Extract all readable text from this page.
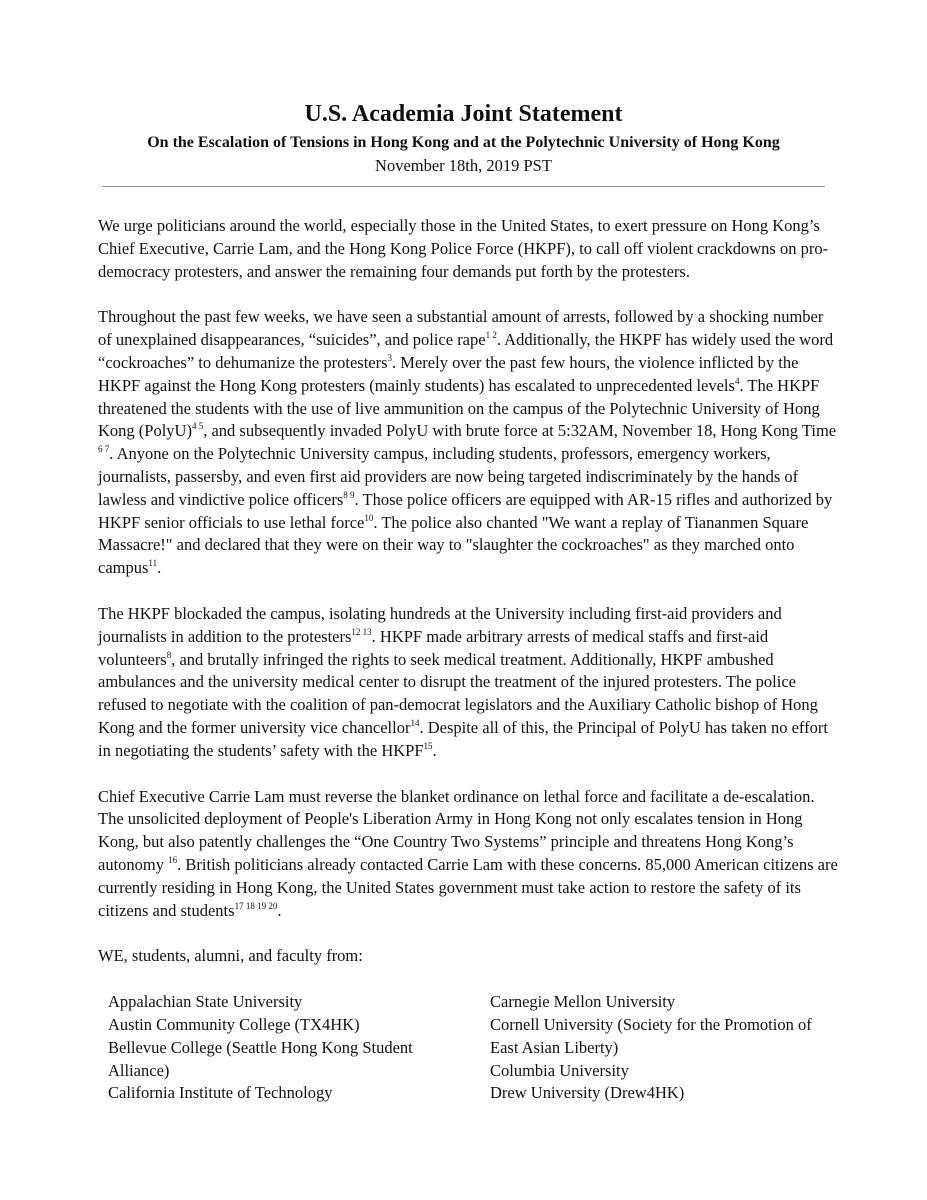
U.S. Academia Joint Statement
On the Escalation of Tensions in Hong Kong and at the Polytechnic University of Hong Kong
November 18th, 2019 PST

We urge politicians around the world, especially those in the United States, to exert pressure on Hong Kong’s Chief Executive, Carrie Lam, and the Hong Kong Police Force (HKPF), to call off violent crackdowns on pro-democracy protesters, and answer the remaining four demands put forth by the protesters.

Throughout the past few weeks, we have seen a substantial amount of arrests, followed by a shocking number of unexplained disappearances, “suicides”, and police rape$^{1 2}$. Additionally, the HKPF has widely used the word “cockroaches” to dehumanize the protesters$^3$. Merely over the past few hours, the violence inflicted by the HKPF against the Hong Kong protesters (mainly students) has escalated to unprecedented levels$^4$. The HKPF threatened the students with the use of live ammunition on the campus of the Polytechnic University of Hong Kong (PolyU)$^{4 5}$, and subsequently invaded PolyU with brute force at 5:32AM, November 18, Hong Kong Time $^{6 7}$. Anyone on the Polytechnic University campus, including students, professors, emergency workers, journalists, passersby, and even first aid providers are now being targeted indiscriminately by the hands of lawless and vindictive police officers$^{8 9}$. Those police officers are equipped with AR-15 rifles and authorized by HKPF senior officials to use lethal force$^{10}$. The police also chanted "We want a replay of Tiananmen Square Massacre!" and declared that they were on their way to "slaughter the cockroaches" as they marched onto campus$^{11}$.

The HKPF blockaded the campus, isolating hundreds at the University including first-aid providers and journalists in addition to the protesters$^{12 13}$. HKPF made arbitrary arrests of medical staffs and first-aid volunteers$^8$, and brutally infringed the rights to seek medical treatment. Additionally, HKPF ambushed ambulances and the university medical center to disrupt the treatment of the injured protesters. The police refused to negotiate with the coalition of pan-democrat legislators and the Auxiliary Catholic bishop of Hong Kong and the former university vice chancellor$^{14}$. Despite all of this, the Principal of PolyU has taken no effort in negotiating the students’ safety with the HKPF$^{15}$.

Chief Executive Carrie Lam must reverse the blanket ordinance on lethal force and facilitate a de-escalation. The unsolicited deployment of People's Liberation Army in Hong Kong not only escalates tension in Hong Kong, but also patently challenges the “One Country Two Systems” principle and threatens Hong Kong’s autonomy $^{16}$. British politicians already contacted Carrie Lam with these concerns. 85,000 American citizens are currently residing in Hong Kong, the United States government must take action to restore the safety of its citizens and students$^{17 18 19 20}$.

WE, students, alumni, and faculty from:

Appalachian State University
Austin Community College (TX4HK)
Bellevue College (Seattle Hong Kong Student Alliance)
California Institute of Technology
Carnegie Mellon University
Cornell University (Society for the Promotion of East Asian Liberty)
Columbia University
Drew University (Drew4HK)
